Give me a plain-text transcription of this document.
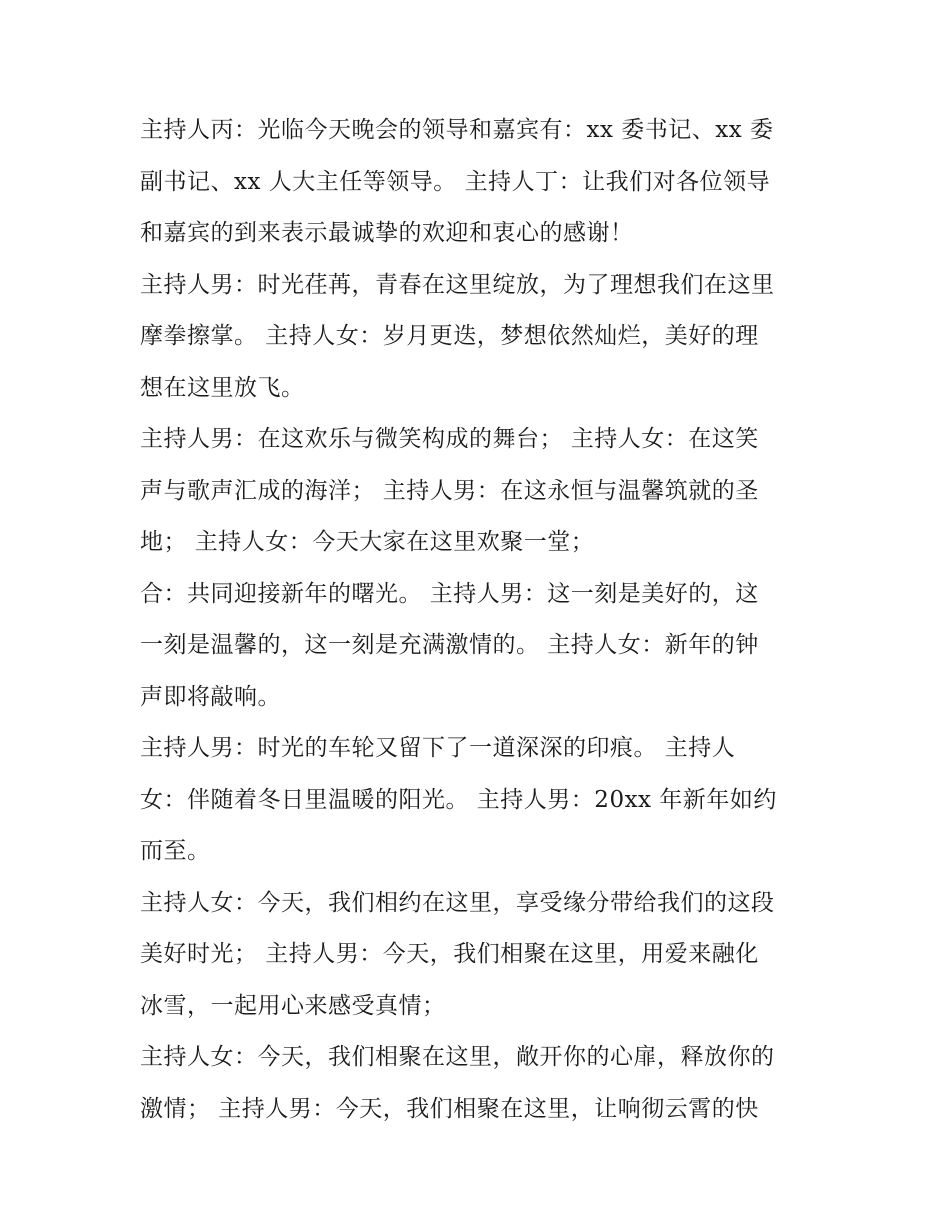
主持人丙：光临今天晚会的领导和嘉宾有：xx 委书记、xx 委
副书记、xx 人大主任等领导。 主持人丁：让我们对各位领导
和嘉宾的到来表示最诚挚的欢迎和衷心的感谢！

主持人男：时光荏苒，青春在这里绽放，为了理想我们在这里
摩拳擦掌。 主持人女：岁月更迭，梦想依然灿烂，美好的理
想在这里放飞。

主持人男：在这欢乐与微笑构成的舞台； 主持人女：在这笑
声与歌声汇成的海洋； 主持人男：在这永恒与温馨筑就的圣
地； 主持人女：今天大家在这里欢聚一堂；

合：共同迎接新年的曙光。 主持人男：这一刻是美好的，这
一刻是温馨的，这一刻是充满激情的。 主持人女：新年的钟
声即将敲响。

主持人男：时光的车轮又留下了一道深深的印痕。 主持人
女：伴随着冬日里温暖的阳光。 主持人男：20xx 年新年如约
而至。

主持人女：今天，我们相约在这里，享受缘分带给我们的这段
美好时光； 主持人男：今天，我们相聚在这里，用爱来融化
冰雪，一起用心来感受真情；

主持人女：今天，我们相聚在这里，敞开你的心扉，释放你的
激情； 主持人男：今天，我们相聚在这里，让响彻云霄的快
